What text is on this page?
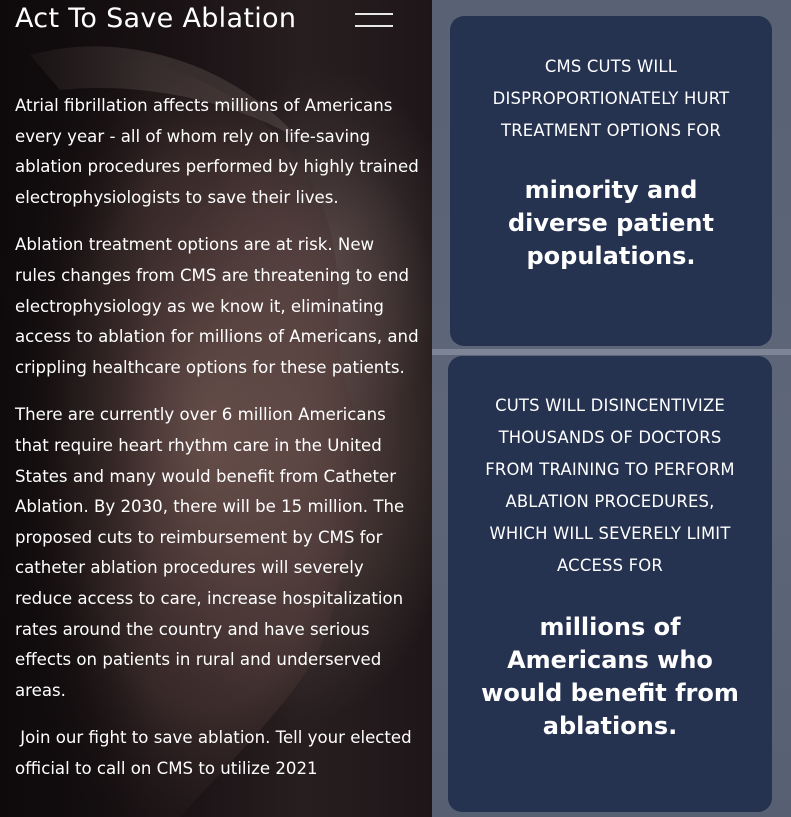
Act To Save Ablation

Atrial fibrillation affects millions of Americans every year - all of whom rely on life-saving ablation procedures performed by highly trained electrophysiologists to save their lives.

Ablation treatment options are at risk. New rules changes from CMS are threatening to end electrophysiology as we know it, eliminating access to ablation for millions of Americans, and crippling healthcare options for these patients.

There are currently over 6 million Americans that require heart rhythm care in the United States and many would benefit from Catheter Ablation. By 2030, there will be 15 million. The proposed cuts to reimbursement by CMS for catheter ablation procedures will severely reduce access to care, increase hospitalization rates around the country and have serious effects on patients in rural and underserved areas.

Join our fight to save ablation. Tell your elected official to call on CMS to utilize 2021

CMS CUTS WILL
DISPROPORTIONATELY HURT
TREATMENT OPTIONS FOR
minority and
diverse patient
populations.
CUTS WILL DISINCENTIVIZE
THOUSANDS OF DOCTORS
FROM TRAINING TO PERFORM
ABLATION PROCEDURES,
WHICH WILL SEVERELY LIMIT
ACCESS FOR
millions of
Americans who
would benefit from
ablations.
